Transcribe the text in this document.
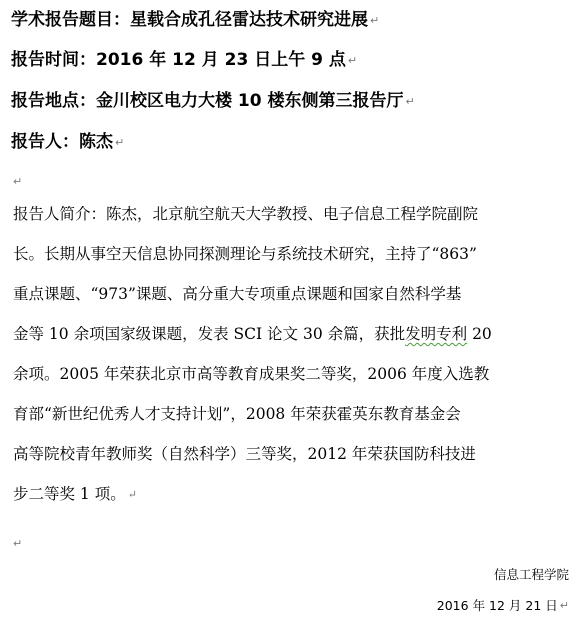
学术报告题目：星载合成孔径雷达技术研究进展 ↵
报告时间：2016 年 12 月 23 日上午 9 点 ↵
报告地点：金川校区电力大楼 10 楼东侧第三报告厅 ↵
报告人：陈杰 ↵
↵
报告人简介：陈杰，北京航空航天大学教授、电子信息工程学院副院
长。长期从事空天信息协同探测理论与系统技术研究，主持了“863”
重点课题、“973”课题、高分重大专项重点课题和国家自然科学基
金等 10 余项国家级课题，发表 SCI 论文 30 余篇，获批发明专利 20
余项。2005 年荣获北京市高等教育成果奖二等奖，2006 年度入选教
育部“新世纪优秀人才支持计划”，2008 年荣获霍英东教育基金会
高等院校青年教师奖（自然科学）三等奖，2012 年荣获国防科技进
步二等奖 1 项。 ↵
↵
信息工程学院
2016 年 12 月 21 日 ↵
